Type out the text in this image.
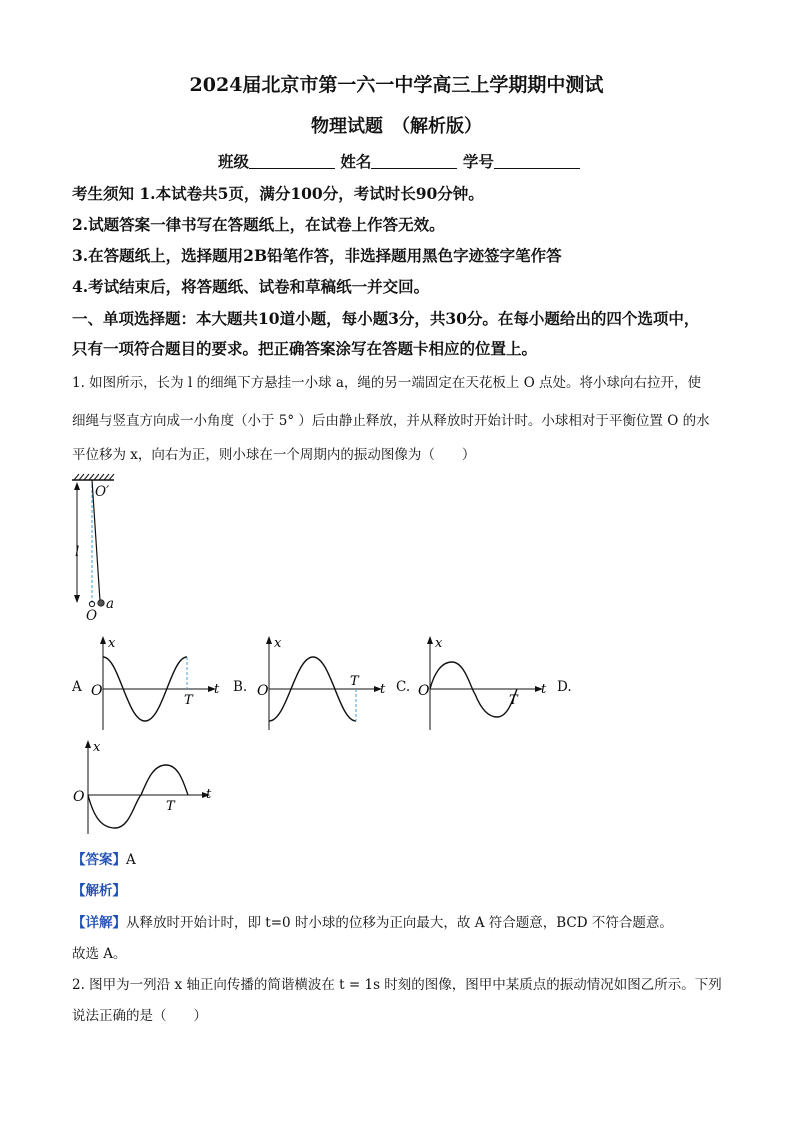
2024届北京市第一六一中学高三上学期期中测试
物理试题　（解析版）
班级	姓名	学号
考生须知 1.本试卷共5页，满分100分，考试时长90分钟。
2.试题答案一律书写在答题纸上，在试卷上作答无效。
3.在答题纸上，选择题用2B铅笔作答，非选择题用黑色字迹签字笔作答
4.考试结束后，将答题纸、试卷和草稿纸一并交回。
一、单项选择题：本大题共10道小题，每小题3分，共30分。在每小题给出的四个选项中，
只有一项符合题目的要求。把正确答案涂写在答题卡相应的位置上。
1. 如图所示，长为 l 的细绳下方悬挂一小球 a，绳的另一端固定在天花板上 O 点处。将小球向右拉开，使
细绳与竖直方向成一小角度（小于 5° ）后由静止释放，并从释放时开始计时。小球相对于平衡位置 O 的水
平位移为 x，向右为正，则小球在一个周期内的振动图像为（　　）
O′
l
O
a
A	B.	C.	D.
O
x
t
T
O
x
t
T
O
x
t
T
O
x
t
T
【答案】A
【解析】
【详解】从释放时开始计时，即 t=0 时小球的位移为正向最大，故 A 符合题意，BCD 不符合题意。
故选 A。
2. 图甲为一列沿 x 轴正向传播的简谐横波在 t = 1s 时刻的图像，图甲中某质点的振动情况如图乙所示。下列
说法正确的是（　　）
